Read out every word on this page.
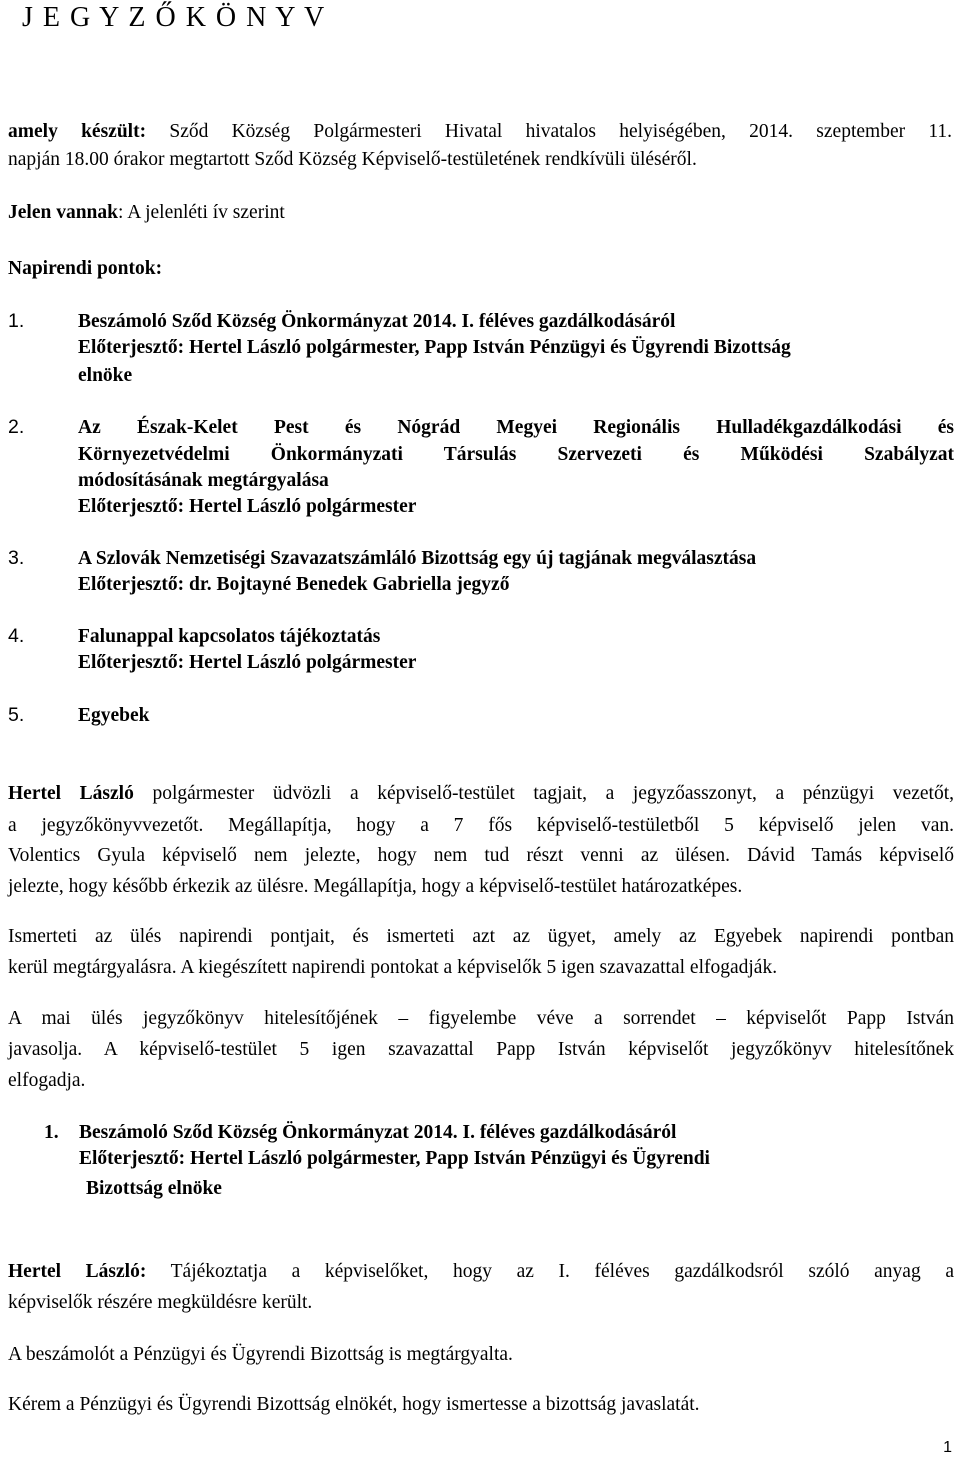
J E G Y Z Ő K Ö N Y V
amely készült: Sződ Község Polgármesteri Hivatal hivatalos helyiségében, 2014. szeptember 11.
napján 18.00 órakor megtartott Sződ Község Képviselő-testületének rendkívüli üléséről.
Jelen vannak: A jelenléti ív szerint
Napirendi pontok:
1.	Beszámoló Sződ Község Önkormányzat 2014. I. féléves gazdálkodásáról
Előterjesztő: Hertel László polgármester, Papp István Pénzügyi és Ügyrendi Bizottság
elnöke
2.	Az Észak-Kelet Pest és Nógrád Megyei Regionális Hulladékgazdálkodási és
Környezetvédelmi Önkormányzati Társulás Szervezeti és Működési Szabályzat
módosításának megtárgyalása
Előterjesztő: Hertel László polgármester
3.	A Szlovák Nemzetiségi Szavazatszámláló Bizottság egy új tagjának megválasztása
Előterjesztő: dr. Bojtayné Benedek Gabriella jegyző
4.	Falunappal kapcsolatos tájékoztatás
Előterjesztő: Hertel László polgármester
5.	Egyebek
Hertel László polgármester üdvözli a képviselő-testület tagjait, a jegyzőasszonyt, a pénzügyi vezetőt,
a jegyzőkönyvvezetőt. Megállapítja, hogy a 7 fős képviselő-testületből 5 képviselő jelen van.
Volentics Gyula képviselő nem jelezte, hogy nem tud részt venni az ülésen. Dávid Tamás képviselő
jelezte, hogy később érkezik az ülésre. Megállapítja, hogy a képviselő-testület határozatképes.
Ismerteti az ülés napirendi pontjait, és ismerteti azt az ügyet, amely az Egyebek napirendi pontban
kerül megtárgyalásra. A kiegészített napirendi pontokat a képviselők 5 igen szavazattal elfogadják.
A mai ülés jegyzőkönyv hitelesítőjének – figyelembe véve a sorrendet – képviselőt Papp István
javasolja. A képviselő-testület 5 igen szavazattal Papp István képviselőt jegyzőkönyv hitelesítőnek
elfogadja.
1. Beszámoló Sződ Község Önkormányzat 2014. I. féléves gazdálkodásáról
Előterjesztő: Hertel László polgármester, Papp István Pénzügyi és Ügyrendi
Bizottság elnöke
Hertel László: Tájékoztatja a képviselőket, hogy az I. féléves gazdálkodsról szóló anyag a
képviselők részére megküldésre került.
A beszámolót a Pénzügyi és Ügyrendi Bizottság is megtárgyalta.
Kérem a Pénzügyi és Ügyrendi Bizottság elnökét, hogy ismertesse a bizottság javaslatát.
1
